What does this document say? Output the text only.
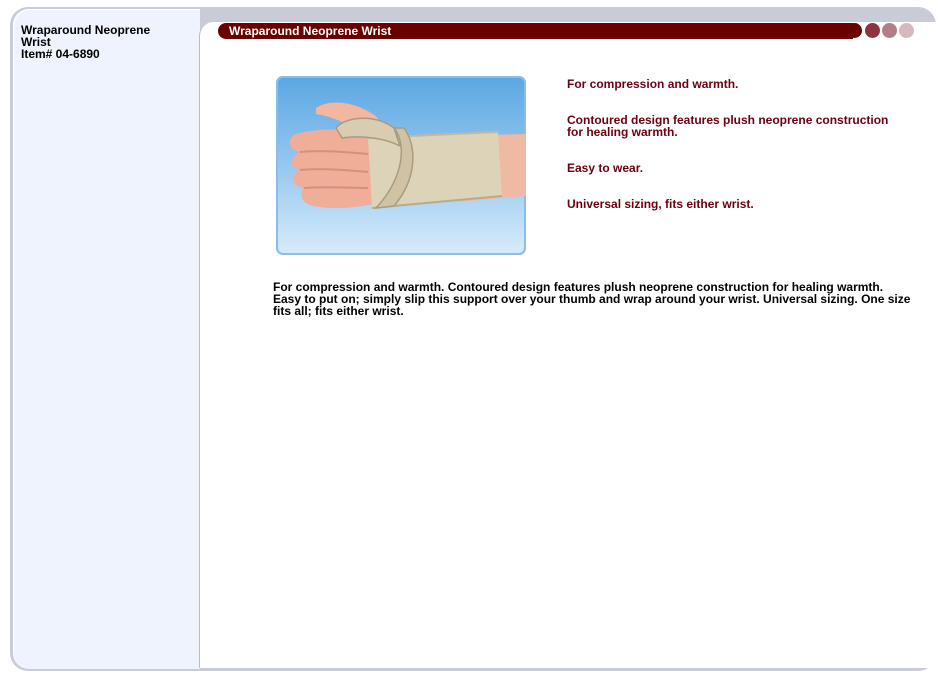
Wraparound Neoprene Wrist
Item# 04-6890
Wraparound Neoprene Wrist
For compression and warmth.
Contoured design features plush neoprene construction for healing warmth.
Easy to wear.
Universal sizing, fits either wrist.
For compression and warmth. Contoured design features plush neoprene construction for healing warmth. Easy to put on; simply slip this support over your thumb and wrap around your wrist. Universal sizing. One size fits all; fits either wrist.
